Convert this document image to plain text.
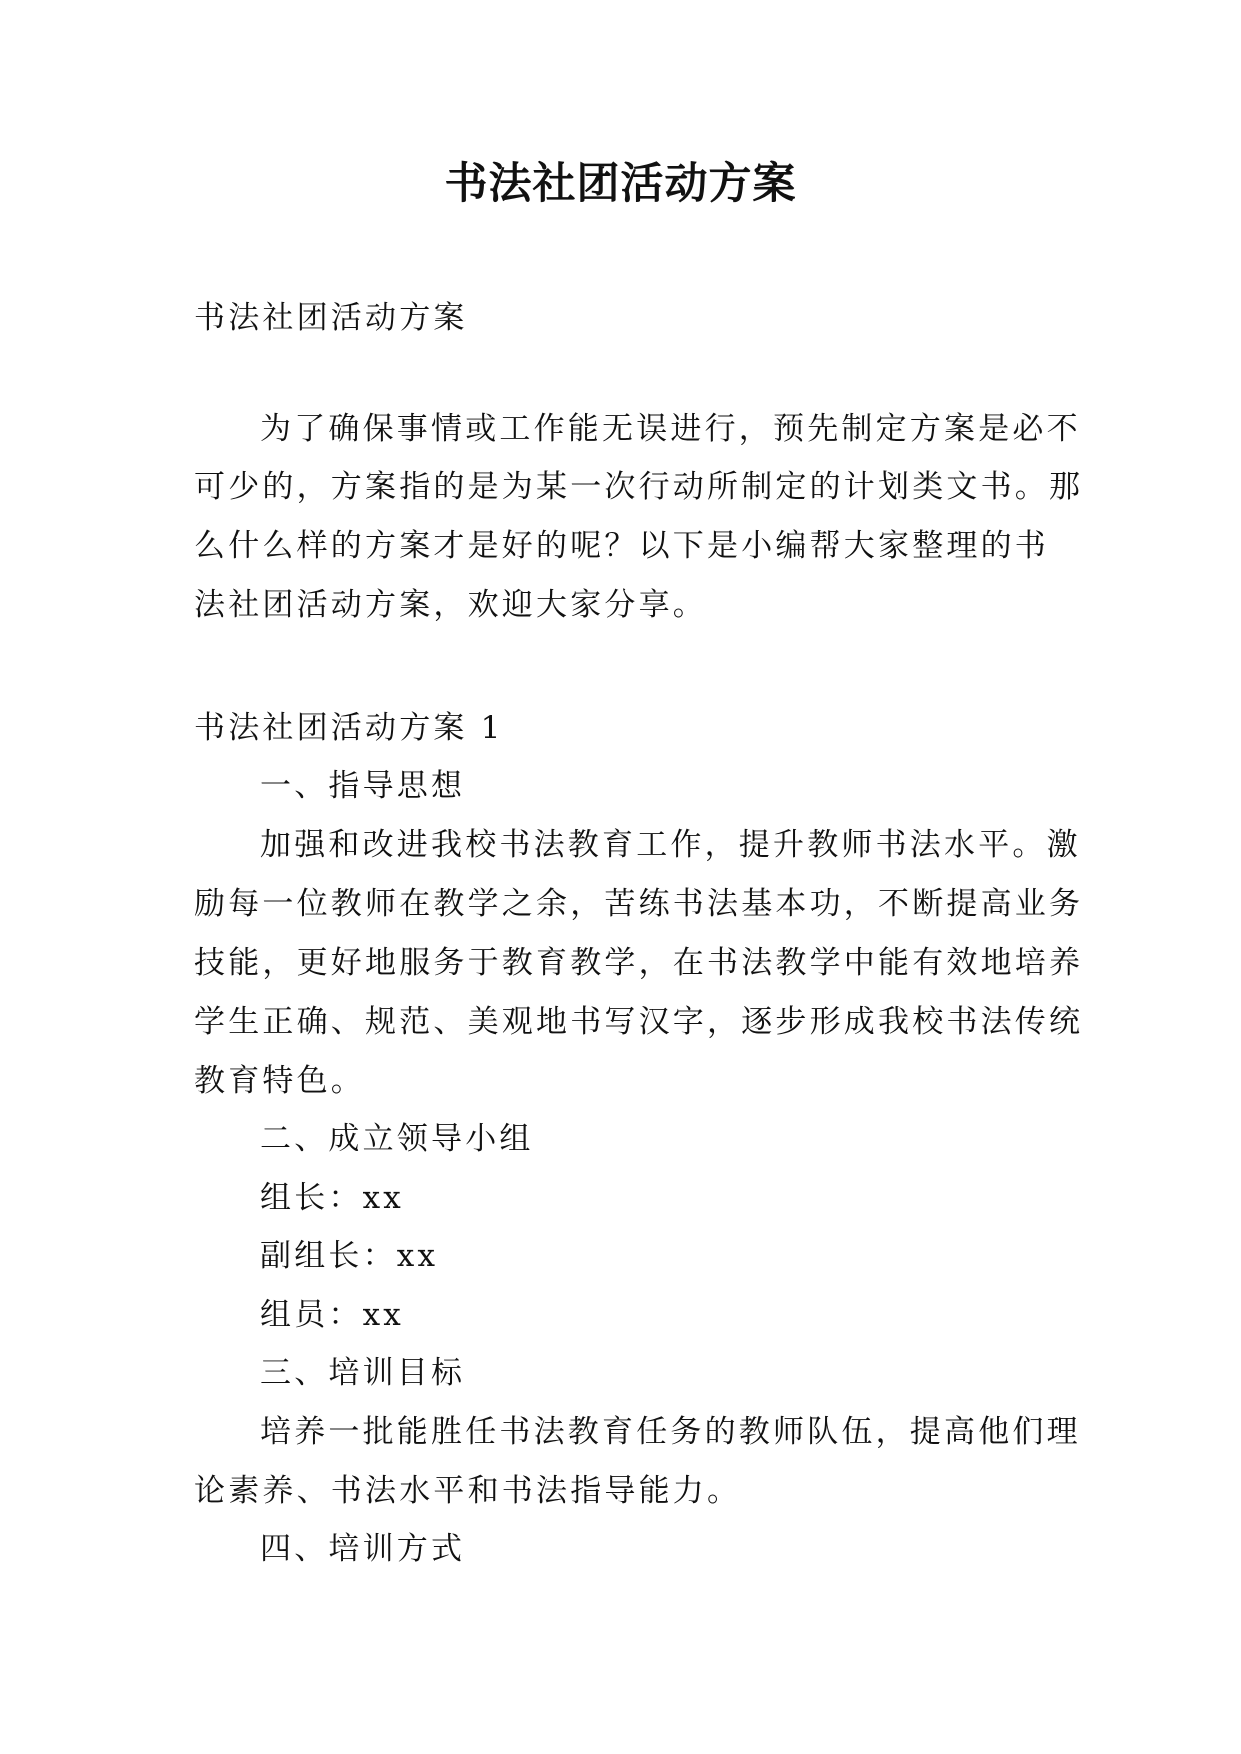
书法社团活动方案

书法社团活动方案

为了确保事情或工作能无误进行，预先制定方案是必不

可少的，方案指的是为某一次行动所制定的计划类文书。那

么什么样的方案才是好的呢？以下是小编帮大家整理的书

法社团活动方案，欢迎大家分享。

书法社团活动方案 1

一、指导思想

加强和改进我校书法教育工作，提升教师书法水平。激

励每一位教师在教学之余，苦练书法基本功，不断提高业务

技能，更好地服务于教育教学，在书法教学中能有效地培养

学生正确、规范、美观地书写汉字，逐步形成我校书法传统

教育特色。

二、成立领导小组

组长：xx

副组长：xx

组员：xx

三、培训目标

培养一批能胜任书法教育任务的教师队伍，提高他们理

论素养、书法水平和书法指导能力。

四、培训方式
